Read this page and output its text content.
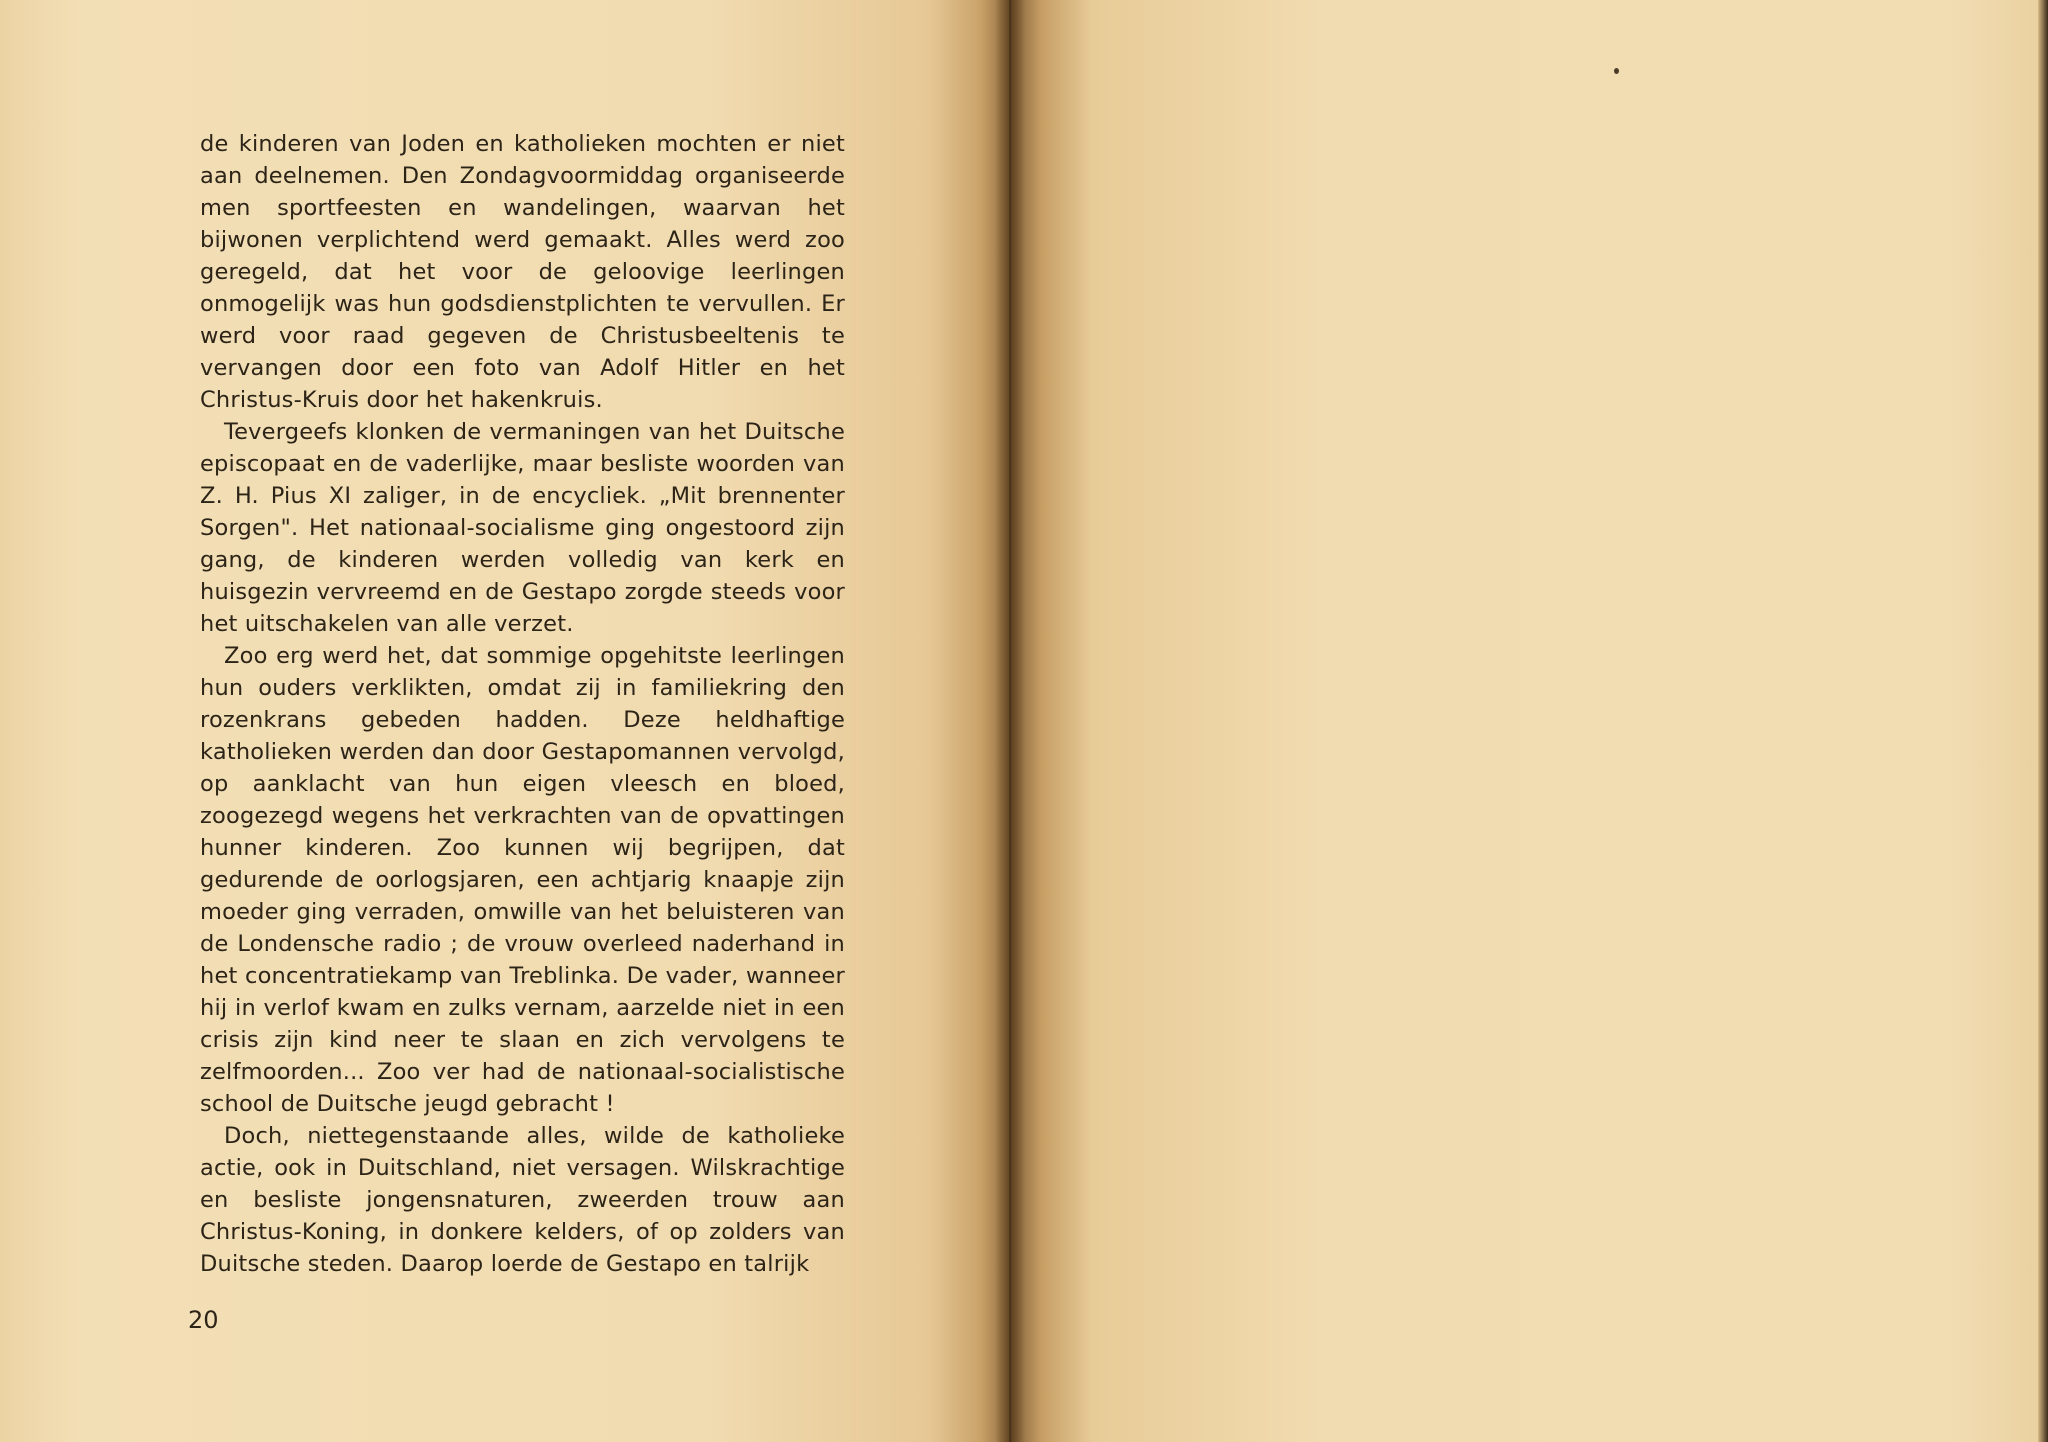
de kinderen van Joden en katholieken mochten er niet aan deelnemen. Den Zondagvoormiddag organiseerde men sportfeesten en wandelingen, waarvan het bijwonen verplichtend werd gemaakt. Alles werd zoo geregeld, dat het voor de geloovige leerlingen onmogelijk was hun godsdienstplichten te vervullen. Er werd voor raad gegeven de Christusbeeltenis te vervangen door een foto van Adolf Hitler en het Christus-Kruis door het hakenkruis.

Tevergeefs klonken de vermaningen van het Duitsche episcopaat en de vaderlijke, maar besliste woorden van Z. H. Pius XI zaliger, in de encycliek. „Mit brennenter Sorgen". Het nationaal-socialisme ging ongestoord zijn gang, de kinderen werden volledig van kerk en huisgezin vervreemd en de Gestapo zorgde steeds voor het uitschakelen van alle verzet.

Zoo erg werd het, dat sommige opgehitste leerlingen hun ouders verklikten, omdat zij in familiekring den rozenkrans gebeden hadden. Deze heldhaftige katholieken werden dan door Gestapomannen vervolgd, op aanklacht van hun eigen vleesch en bloed, zoogezegd wegens het verkrachten van de opvattingen hunner kinderen. Zoo kunnen wij begrijpen, dat gedurende de oorlogsjaren, een achtjarig knaapje zijn moeder ging verraden, omwille van het beluisteren van de Londensche radio ; de vrouw overleed naderhand in het concentratiekamp van Treblinka. De vader, wanneer hij in verlof kwam en zulks vernam, aarzelde niet in een crisis zijn kind neer te slaan en zich vervolgens te zelfmoorden... Zoo ver had de nationaal-socialistische school de Duitsche jeugd gebracht !

Doch, niettegenstaande alles, wilde de katholieke actie, ook in Duitschland, niet versagen. Wilskrachtige en besliste jongensnaturen, zweerden trouw aan Christus-Koning, in donkere kelders, of op zolders van Duitsche steden. Daarop loerde de Gestapo en talrijk

20
